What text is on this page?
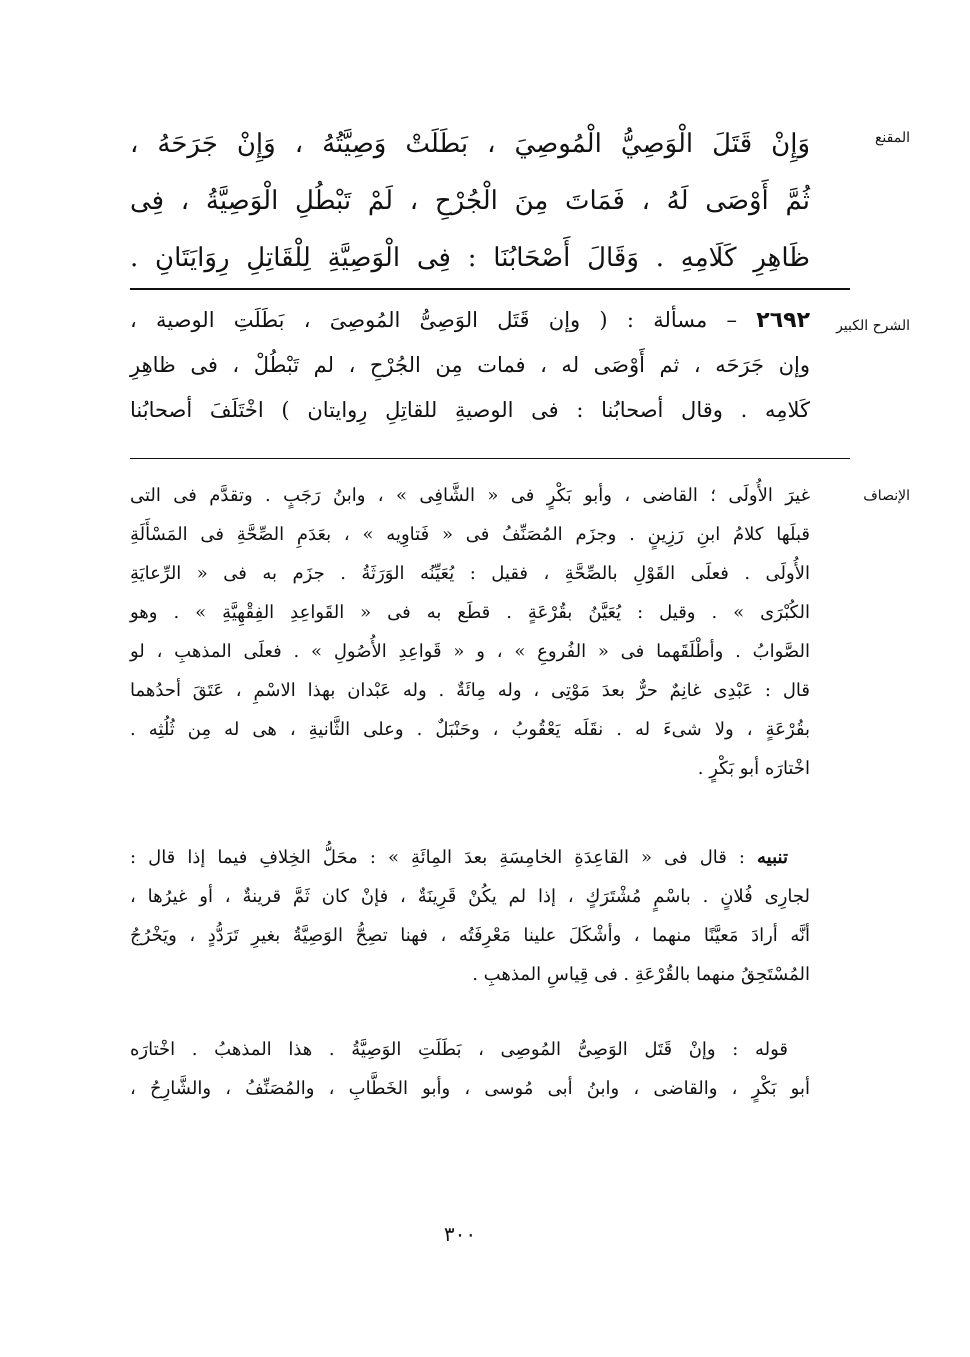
المقنع
وَإِنْ قَتَلَ الْوَصِيُّ الْمُوصِيَ ، بَطَلَتْ وَصِيَّتُهُ ، وَإِنْ جَرَحَهُ ،
ثُمَّ أَوْصَى لَهُ ، فَمَاتَ مِنَ الْجُرْحِ ، لَمْ تَبْطُلِ الْوَصِيَّةُ ، فِى
ظَاهِرِ كَلَامِهِ . وَقَالَ أَصْحَابُنَا : فِى الْوَصِيَّةِ لِلْقَاتِلِ رِوَايَتَانِ .
الشرح الكبير
٢٦٩٢ – مسألة : ( وإن قَتَل الوَصِىُّ المُوصِىَ ، بَطَلَتِ الوصية ،
وإن جَرَحَه ، ثم أَوْصَى له ، فمات مِن الجُرْحِ ، لم تَبْطُلْ ، فى ظاهِرِ
كَلامِه . وقال أصحابُنا : فى الوصيةِ للقاتِلِ رِوايتان ) اخْتَلَفَ أصحابُنا
الإنصاف
غيرَ الأُولَى ؛ القاضى ، وأبو بَكْرٍ فى « الشَّافِى » ، وابنُ رَجَبٍ . وتقدَّم فى التى
قبلَها كلامُ ابنِ رَزِينٍ . وجزَم المُصَنِّفُ فى « فَتاوِيه » ، بعَدَمِ الصِّحَّةِ فى المَسْأَلَةِ
الأُولَى . فعلَى القَوْلِ بالصِّحَّةِ ، فقيل : يُعَيِّنُه الوَرَثَةُ . جزَم به فى « الرِّعايَةِ
الكُبْرَى » . وقيل : يُعَيَّنُ بقُرْعَةٍ . قطَع به فى « القَواعِدِ الفِقْهِيَّةِ » . وهو
الصَّوابُ . وأطْلَقَهما فى « الفُروعِ » ، و « قَواعِدِ الأُصُولِ » . فعلَى المذهبِ ، لو
قال : عَبْدِى غانِمٌ حرٌّ بعدَ مَوْتِى ، وله مِائَةٌ . وله عَبْدان بهذا الاسْمِ ، عَتَقَ أحدُهما
بقُرْعَةٍ ، ولا شىءَ له . نقَلَه يَعْقُوبُ ، وحَنْبَلٌ . وعلى الثَّانيةِ ، هى له مِن ثُلُثِه .
اخْتارَه أبو بَكْرٍ .
تنبيه : قال فى « القاعِدَةِ الخامِسَةِ بعدَ المِائَةِ » : محَلُّ الخِلافِ فيما إذا قال :
لجارِى فُلانٍ . باسْمٍ مُشْتَرَكٍ ، إذا لم يكُنْ قَرِينَةٌ ، فإنْ كان ثَمَّ قرينةٌ ، أو غيرُها ،
أنَّه أرادَ مَعيَّنًا منهما ، وأشْكَلَ علينا مَعْرِفَتُه ، فهنا تصِحُّ الوَصِيَّةُ بغيرِ تَرَدُّدٍ ، ويَخْرُجُ
المُسْتَحِقُ منهما بالقُرْعَةِ . فى قِياسِ المذهبِ .
قوله : وإنْ قَتَل الوَصِىُّ المُوصِى ، بَطَلَتِ الوَصِيَّةُ . هذا المذهبُ . اخْتارَه
أبو بَكْرٍ ، والقاضى ، وابنُ أبى مُوسى ، وأبو الخَطَّابِ ، والمُصَنِّفُ ، والشَّارِحُ ،
٣٠٠
